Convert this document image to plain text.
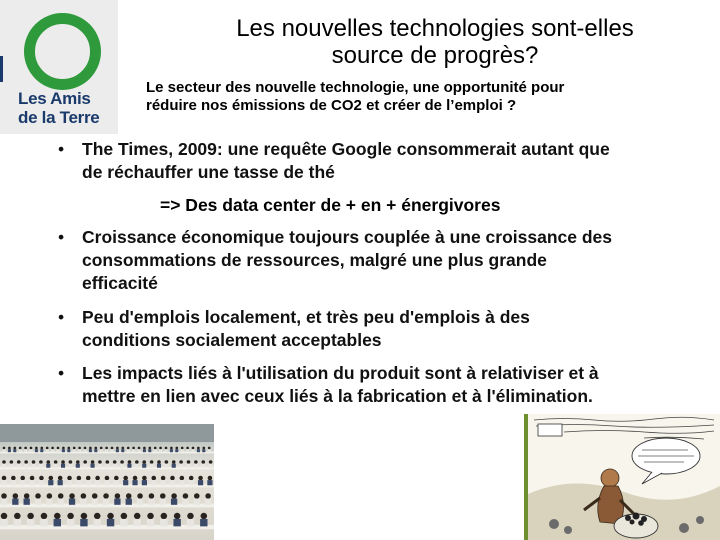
Les Amis
de la Terre
Les nouvelles technologies sont-elles
source de progrès?
Le secteur des nouvelle technologie, une opportunité pour
réduire nos émissions de CO2 et créer de l’emploi ?
• The Times, 2009: une requête Google consommerait autant que
de réchauffer une tasse de thé
=> Des data center de + en + énergivores
• Croissance économique toujours couplée à une croissance des
consommations de ressources, malgré une plus grande
efficacité
• Peu d'emplois localement, et très peu d'emplois à des
conditions socialement acceptables
• Les impacts liés à l'utilisation du produit sont à relativiser et à
mettre en lien avec ceux liés à la fabrication et à l'élimination.
